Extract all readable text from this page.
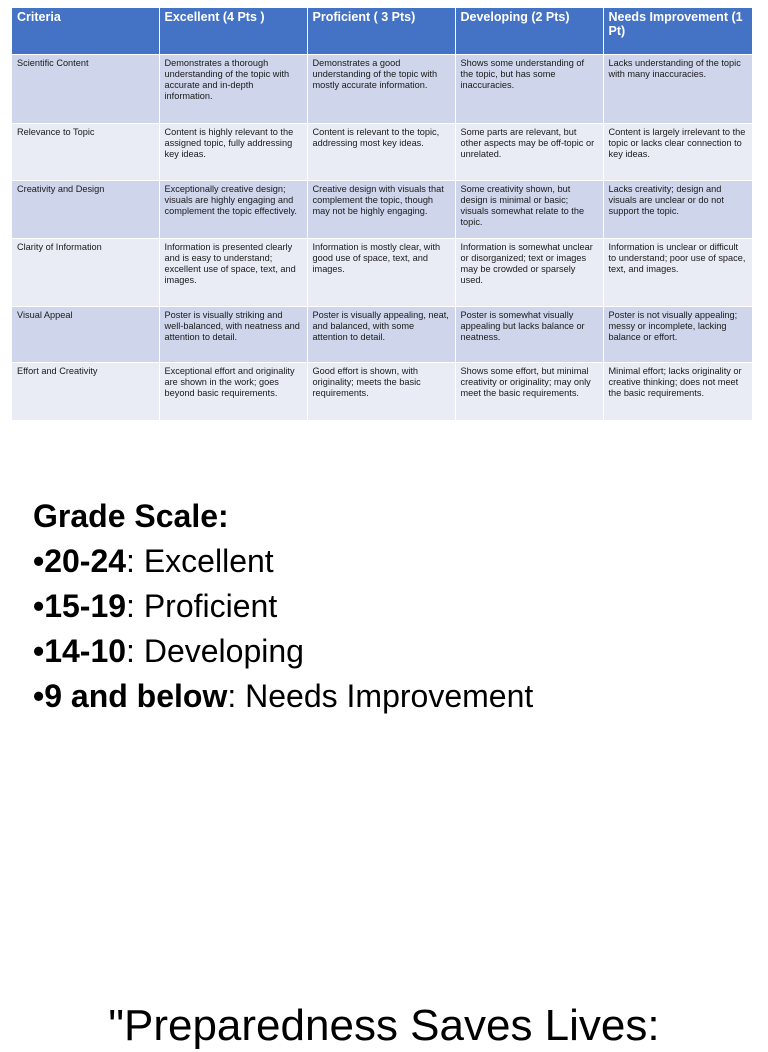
Criteria	Excellent (4 Pts )	Proficient ( 3 Pts)	Developing (2 Pts)	Needs Improvement (1 Pt)
Scientific Content	Demonstrates a thorough understanding of the topic with accurate and in-depth information.	Demonstrates a good understanding of the topic with mostly accurate information.	Shows some understanding of the topic, but has some inaccuracies.	Lacks understanding of the topic with many inaccuracies.
Relevance to Topic	Content is highly relevant to the assigned topic, fully addressing key ideas.	Content is relevant to the topic, addressing most key ideas.	Some parts are relevant, but other aspects may be off-topic or unrelated.	Content is largely irrelevant to the topic or lacks clear connection to key ideas.
Creativity and Design	Exceptionally creative design; visuals are highly engaging and complement the topic effectively.	Creative design with visuals that complement the topic, though may not be highly engaging.	Some creativity shown, but design is minimal or basic; visuals somewhat relate to the topic.	Lacks creativity; design and visuals are unclear or do not support the topic.
Clarity of Information	Information is presented clearly and is easy to understand; excellent use of space, text, and images.	Information is mostly clear, with good use of space, text, and images.	Information is somewhat unclear or disorganized; text or images may be crowded or sparsely used.	Information is unclear or difficult to understand; poor use of space, text, and images.
Visual Appeal	Poster is visually striking and well-balanced, with neatness and attention to detail.	Poster is visually appealing, neat, and balanced, with some attention to detail.	Poster is somewhat visually appealing but lacks balance or neatness.	Poster is not visually appealing; messy or incomplete, lacking balance or effort.
Effort and Creativity	Exceptional effort and originality are shown in the work; goes beyond basic requirements.	Good effort is shown, with originality; meets the basic requirements.	Shows some effort, but minimal creativity or originality; may only meet the basic requirements.	Minimal effort; lacks originality or creative thinking; does not meet the basic requirements.
Grade Scale:
•20-24: Excellent
•15-19: Proficient
•14-10: Developing
•9 and below: Needs Improvement
"Preparedness Saves Lives:
